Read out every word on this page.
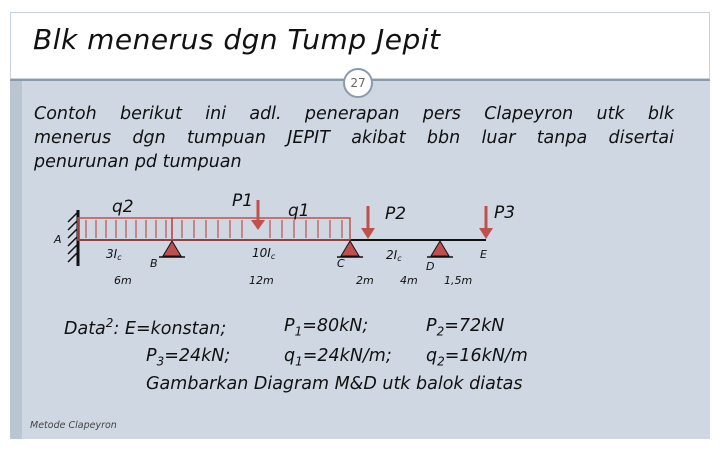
Blk menerus dgn Tump Jepit
27
Contoh berikut ini adl. penerapan pers Clapeyron utk blk
menerus dgn tumpuan JEPIT akibat bbn luar tanpa disertai
penurunan pd tumpuan
q2	P1 q1	P2	P3
A
B	C	D
E
3Ic	10Ic	2Ic
6m	12m	2m 4m 1,5m
Data$^2$: E=konstan;	$P_1=80kN$;	$P_2=72kN$
$P_3=24kN$;	$q_1=24kN/m$; $q_2=16kN/m$
Gambarkan Diagram M&D utk balok diatas
Metode Clapeyron
